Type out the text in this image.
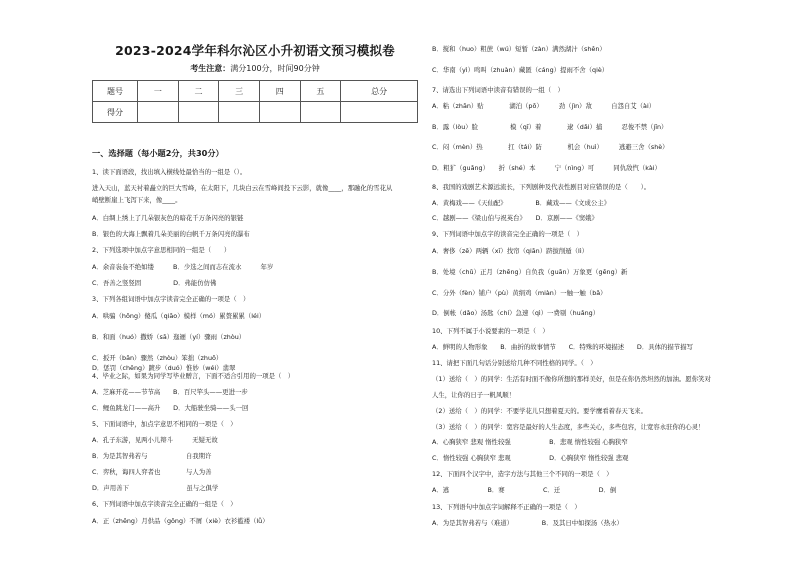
2023-2024学年科尔沁区小升初语文预习模拟卷
考生注意：满分100分，时间90分钟
题号	一	二	三	四	五	总分
得分						
一、选择题（每小题2分，共30分）
1、读下面语段，找出填入横线处最恰当的一组是（）。
进入天山，蓝天衬着矗立的巨大雪峰，在太阳下，几块白云在雪峰间投下云影，就像____，那融化的雪花从
峭壁断崖上飞泻下来，像____。
A．白绸上绣上了几朵银灰色的暗花千万条闪亮的银链
B．银色的大海上飘着几朵美丽的白帆千万条闪亮的瀑布
2、下列选项中加点字意思相同的一组是（　　）
A．余音袅袅不绝如缕　　　B．少选之间而志在流水　　　年岁
C．吾善之竖竖固　　　　　D．弗能仿仿佛
3、下列各组词语中加点字读音完全正确的一项是（　）
A．哄骗（hōng）傻瓜（qiāo）模样（mó）累赘累累（léi）
B．和面（huó）撒娇（sā）迤逦（yí）骤雨（zhòu）
C．扳开（bān）骤然（zhòu）笨拙（zhuō）
D．惩罚（chěng）踱步（duó）惟妙（wéi）翡翠
4、毕业之际，如果为同学写毕业赠言，下面不适合引用的一项是（　）
A．芝麻开花——节节高　　B．百尺竿头——更进一步
C．鲤鱼跳龙门——高升　　D．大船驶坐骑——头一回
5、下面词语中，加点字意思不相同的一项是（　）
A．孔子东游，见两小儿辩斗　　　无疑无故
B．为是其智弗若与　　　　　　自我期许
C．弈秋，诲四人弈者也　　　　与人为善
D．声用善下　　　　　　　　　虽与之俱学
6、下列词语中加点字读音完全正确的一组是（　）
A．正（zhēng）月供品（gōng）不屑（xiè）衣衫褴褛（lǚ）
B．搅和（huo）粗蔗（wú）短暂（zàn）满然湖汁（shěn）
C．华南（yì）鸣叫（zhuàn）藏匿（cáng）提雨不舍（qiè）
7、请选出下列词语中读音有错误的一组（　）
A．粘（zhān）贴　　　　湖泊（pō）　　　劲（jìn）敌　　　自怨自艾（ài）
B．露（lòu）脸　　　　　模（qī）着　　　　逮（dǎi）捕　　　忍俊不禁（jīn）
C．闷（mèn）热　　　　扛（tái）防　　　　机会（huì）　　　逃避三舍（shè）
D．粗犷（guǎng）　　折（shé）本　　　宁（nìng）可　　　同仇敌忾（kài）
8、我国的戏剧艺术源远流长，下列剧种及代表性剧目对应错误的是（　　）。
A．黄梅戏——《天仙配》　　　　　B．藏戏——《文成公主》
C．越剧——《梁山伯与祝英台》　　D．京剧——《窦娥》
9、下列词语中加点字的读音完全正确的一项是（　）
A．奢侈（zē）两辆（xī）找帘（qiān）跻拔削遁（lì）
B．处境（chǔ）正月（zhēng）自负我（guān）万象更（gēng）新
C．分外（fèn）铺户（pù）黄绢鸡（miàn）一触一触（bǎ）
D．倒帐（dǎo）汤匙（chí）急速（qì）一费剔（huǎng）
10、下列不属于小说要素的一项是（　）
A．鲜明的人物形象　　B．曲折的故事情节　　C．特殊的环境描述　　D．具体的描节描写
11、请把下面几句话分别送给几种不同性格的同学。（　）
（1）送给（　）的同学：生活有时面不像你所想的那样美好，但是在你仍然坦然的加油。愿你笑对
人生，让你的日子一帆风顺！
（2）送给（　）的同学：不要学花儿只想着夏天的。要学鹰看着春天飞来。
（3）送给（　）的同学：宽容是最好的人生态度，多些关心，多些包容，让宽容永驻你的心灵！
A．心胸狭窄 悲观 惰性较强　　　　　　B．悲观 惰性较强 心胸狭窄
C．惰性较强 心胸狭窄 悲观　　　　　　D．心胸狭窄 惰性较强 悲观
12、下面四个汉字中，造字方法与其他三个不同的一项是（　）
A．逃　　　　　　B．赛　　　　　　C．迁　　　　　　D．倒
13、下列语句中加点字词解释不正确的一项是（　）
A．为是其智弗若与（难道）　　　　　B．及其日中如探汤（热水）
